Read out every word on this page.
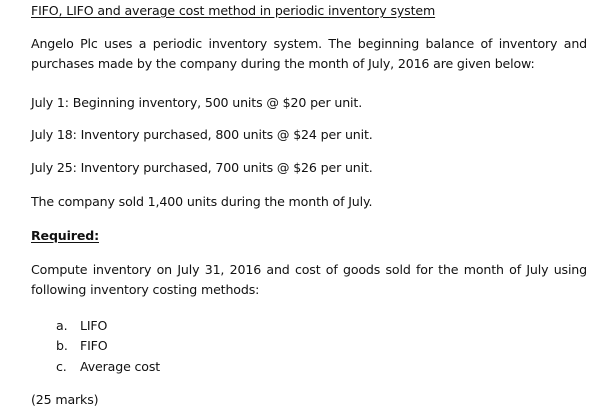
FIFO, LIFO and average cost method in periodic inventory system
Angelo Plc uses a periodic inventory system. The beginning balance of inventory and purchases made by the company during the month of July, 2016 are given below:
July 1: Beginning inventory, 500 units @ $20 per unit.
July 18: Inventory purchased, 800 units @ $24 per unit.
July 25: Inventory purchased, 700 units @ $26 per unit.
The company sold 1,400 units during the month of July.
Required:
Compute inventory on July 31, 2016 and cost of goods sold for the month of July using following inventory costing methods:
a. LIFO
b. FIFO
c. Average cost
(25 marks)
